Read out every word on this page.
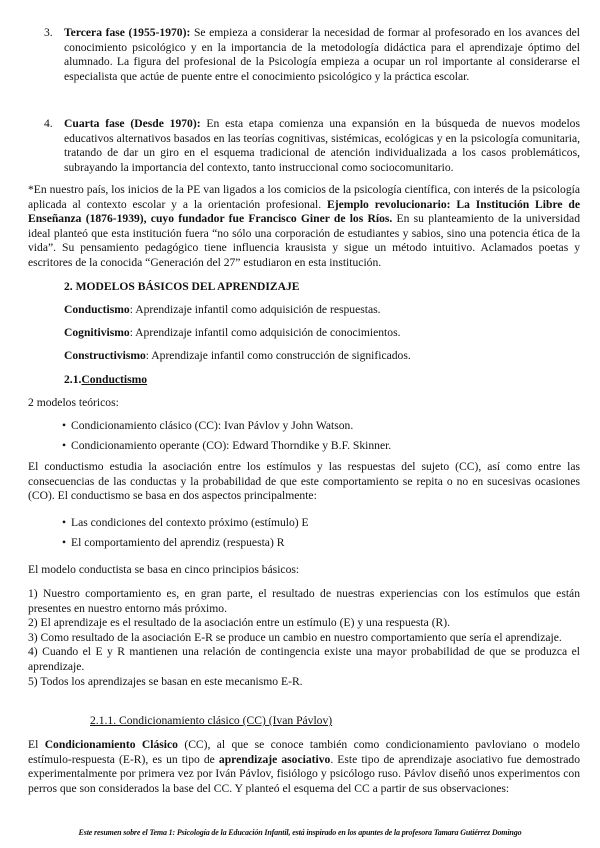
3. Tercera fase (1955-1970): Se empieza a considerar la necesidad de formar al profesorado en los avances del conocimiento psicológico y en la importancia de la metodología didáctica para el aprendizaje óptimo del alumnado. La figura del profesional de la Psicología empieza a ocupar un rol importante al considerarse el especialista que actúe de puente entre el conocimiento psicológico y la práctica escolar.
4. Cuarta fase (Desde 1970): En esta etapa comienza una expansión en la búsqueda de nuevos modelos educativos alternativos basados en las teorías cognitivas, sistémicas, ecológicas y en la psicología comunitaria, tratando de dar un giro en el esquema tradicional de atención individualizada a los casos problemáticos, subrayando la importancia del contexto, tanto instruccional como sociocomunitario.
*En nuestro país, los inicios de la PE van ligados a los comicios de la psicología científica, con interés de la psicología aplicada al contexto escolar y a la orientación profesional. Ejemplo revolucionario: La Institución Libre de Enseñanza (1876-1939), cuyo fundador fue Francisco Giner de los Ríos. En su planteamiento de la universidad ideal planteó que esta institución fuera “no sólo una corporación de estudiantes y sabios, sino una potencia ética de la vida”. Su pensamiento pedagógico tiene influencia krausista y sigue un método intuitivo. Aclamados poetas y escritores de la conocida “Generación del 27” estudiaron en esta institución.
2. MODELOS BÁSICOS DEL APRENDIZAJE
Conductismo: Aprendizaje infantil como adquisición de respuestas.
Cognitivismo: Aprendizaje infantil como adquisición de conocimientos.
Constructivismo: Aprendizaje infantil como construcción de significados.
2.1.Conductismo
2 modelos teóricos:
• Condicionamiento clásico (CC): Ivan Pávlov y John Watson.
• Condicionamiento operante (CO): Edward Thorndike y B.F. Skinner.
El conductismo estudia la asociación entre los estímulos y las respuestas del sujeto (CC), así como entre las consecuencias de las conductas y la probabilidad de que este comportamiento se repita o no en sucesivas ocasiones (CO). El conductismo se basa en dos aspectos principalmente:
• Las condiciones del contexto próximo (estímulo) E
• El comportamiento del aprendiz (respuesta) R
El modelo conductista se basa en cinco principios básicos:
1) Nuestro comportamiento es, en gran parte, el resultado de nuestras experiencias con los estímulos que están presentes en nuestro entorno más próximo.
2) El aprendizaje es el resultado de la asociación entre un estímulo (E) y una respuesta (R).
3) Como resultado de la asociación E-R se produce un cambio en nuestro comportamiento que sería el aprendizaje.
4) Cuando el E y R mantienen una relación de contingencia existe una mayor probabilidad de que se produzca el aprendizaje.
5) Todos los aprendizajes se basan en este mecanismo E-R.
2.1.1. Condicionamiento clásico (CC) (Ivan Pávlov)
El Condicionamiento Clásico (CC), al que se conoce también como condicionamiento pavloviano o modelo estímulo-respuesta (E-R), es un tipo de aprendizaje asociativo. Este tipo de aprendizaje asociativo fue demostrado experimentalmente por primera vez por Iván Pávlov, fisiólogo y psicólogo ruso. Pávlov diseñó unos experimentos con perros que son considerados la base del CC. Y planteó el esquema del CC a partir de sus observaciones:
Este resumen sobre el Tema 1: Psicología de la Educación Infantil, está inspirado en los apuntes de la profesora Tamara Gutiérrez Domingo
